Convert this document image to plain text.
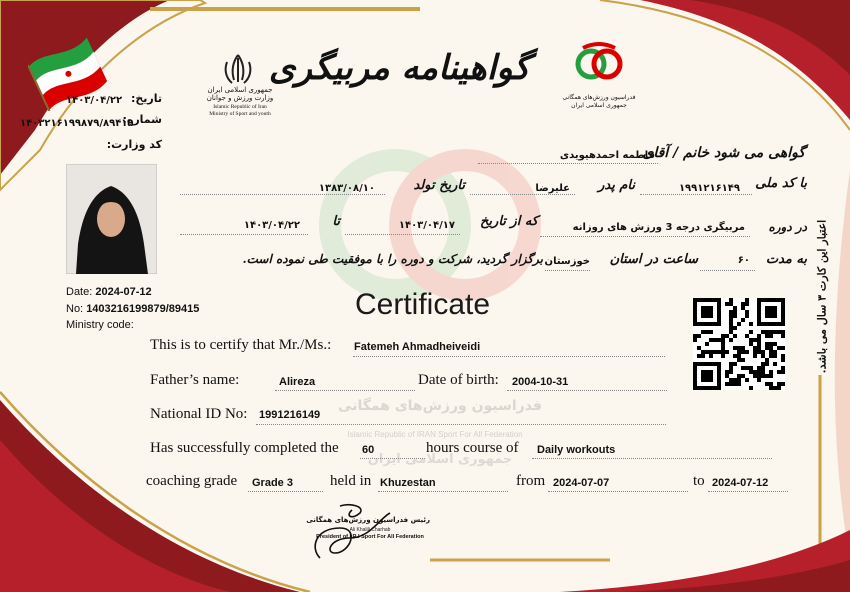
تاریخ:
۱۴۰۳/۰۴/۲۲
شماره:
۱۴۰۳۲۱۶۱۹۹۸۷۹/۸۹۴۱۵
کد وزارت:
جمهوری اسلامی ایران
وزارت ورزش و جوانان
Islamic Republic of Iran
Ministry of Sport and youth
گواهینامه مربیگری
فدراسیون ورزش‌های همگانی
جمهوری اسلامی ایران
گواهی می شود خانم / آقای
فاطمه احمدهیویدی
با کد ملی
۱۹۹۱۲۱۶۱۴۹
نام پدر
علیرضا
تاریخ تولد
۱۳۸۳/۰۸/۱۰
در دوره
مربیگری درجه 3 ورزش های روزانه
که از تاریخ
۱۴۰۳/۰۴/۱۷
تا
۱۴۰۳/۰۴/۲۲
به مدت
۶۰
ساعت در استان
خوزستان
برگزار گردید، شرکت و دوره را با موفقیت طی نموده است.
Date: 2024-07-12
No: 1403216199879/89415
Ministry code:
Certificate
This is to certify that Mr./Ms.: Fatemeh Ahmadheiveidi
Father’s name:	Alireza	Date of birth: 2004-10-31
National ID No: 1991216149
فدراسیون ورزش‌های همگانی
Islamic Republic of IRAN Sport For All Federation
جمهوری اسلامی ایران
Has successfully completed the 60	hours course of Daily workouts
coaching grade Grade 3 held in Khuzestan	from 2024-07-07	to 2024-07-12
رئیس فدراسیون ورزش‌های همگانی
Ali Khalili Charhab
President of I.R.I Sport For All Federation
اعتبار این کارت ۳ سال می باشد.
